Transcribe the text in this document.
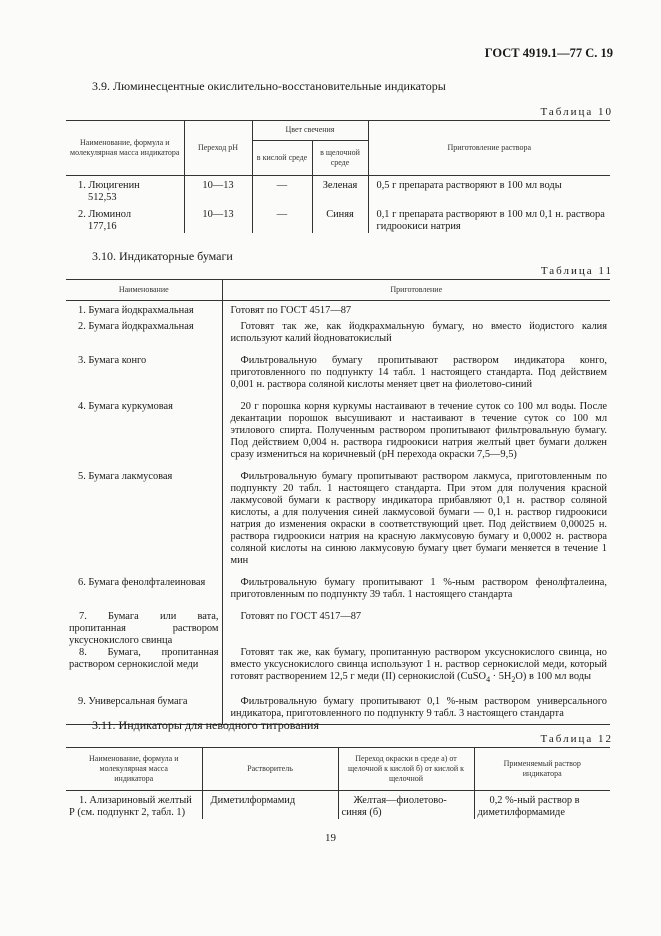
ГОСТ 4919.1—77 С. 19
3.9. Люминесцентные окислительно-восстановительные индикаторы
Таблица 10
Наименование, формула и молекулярная масса индикатора	Переход pH	Цвет свечения		Приготовление раствора
		в кислой среде	в щелочной среде	

1. Люцигенин
512,53	10—13	—	Зеленая	0,5 г препарата растворяют в 100 мл воды

2. Люминол
177,16	10—13	—	Синяя	0,1 г препарата растворяют в 100 мл 0,1 н. раствора гидроокиси натрия
3.10. Индикаторные бумаги
Таблица 11
Наименование	Приготовление
1. Бумага йодкрахмальная	Готовят по ГОСТ 4517—87
2. Бумага йодкрахмальная	Готовят так же, как йодкрахмальную бумагу, но вместо йодистого калия используют калий йодноватокислый
3. Бумага конго	Фильтровальную бумагу пропитывают раствором индикатора конго, приготовленного по подпункту 14 табл. 1 настоящего стандарта. Под действием 0,001 н. раствора соляной кислоты меняет цвет на фиолетово-синий
4. Бумага куркумовая	20 г порошка корня куркумы настаивают в течение суток со 100 мл воды. После декантации порошок высушивают и настаивают в течение суток со 100 мл этилового спирта. Полученным раствором пропитывают фильтровальную бумагу. Под действием 0,004 н. раствора гидроокиси натрия желтый цвет бумаги должен сразу измениться на коричневый (pH перехода окраски 7,5—9,5)
5. Бумага лакмусовая	Фильтровальную бумагу пропитывают раствором лакмуса, приготовленным по подпункту 20 табл. 1 настоящего стандарта. При этом для получения красной лакмусовой бумаги к раствору индикатора прибавляют 0,1 н. раствор соляной кислоты, а для получения синей лакмусовой бумаги — 0,1 н. раствор гидроокиси натрия до изменения окраски в соответствующий цвет. Под действием 0,00025 н. раствора гидроокиси натрия на красную лакмусовую бумагу и 0,0002 н. раствора соляной кислоты на синюю лакмусовую бумагу цвет бумаги меняется в течение 1 мин
6. Бумага фенолфталеиновая	Фильтровальную бумагу пропитывают 1 %-ным раствором фенолфталеина, приготовленным по подпункту 39 табл. 1 настоящего стандарта
7. Бумага или вата, пропитанная раствором уксуснокислого свинца	Готовят по ГОСТ 4517—87
8. Бумага, пропитанная раствором сернокислой меди	Готовят так же, как бумагу, пропитанную раствором уксуснокислого свинца, но вместо уксуснокислого свинца используют 1 н. раствор сернокислой меди, который готовят растворением 12,5 г меди (II) сернокислой (CuSO$_4$ · $5H_2O$) в 100 мл воды
9. Универсальная бумага	Фильтровальную бумагу пропитывают 0,1 %-ным раствором универсального индикатора, приготовленного по подпункту 9 табл. 3 настоящего стандарта
3.11. Индикаторы для неводного титрования
Таблица 12
Наименование, формула и молекулярная масса индикатора	Растворитель	Переход окраски в среде а) от щелочной к кислой б) от кислой к щелочной	Применяемый раствор индикатора
1. Ализариновый желтый Р (см. подпункт 2, табл. 1)	Диметилформамид	Желтая—фиолетово-синяя (б)	0,2 %-ный раствор в диметилформамиде
19
